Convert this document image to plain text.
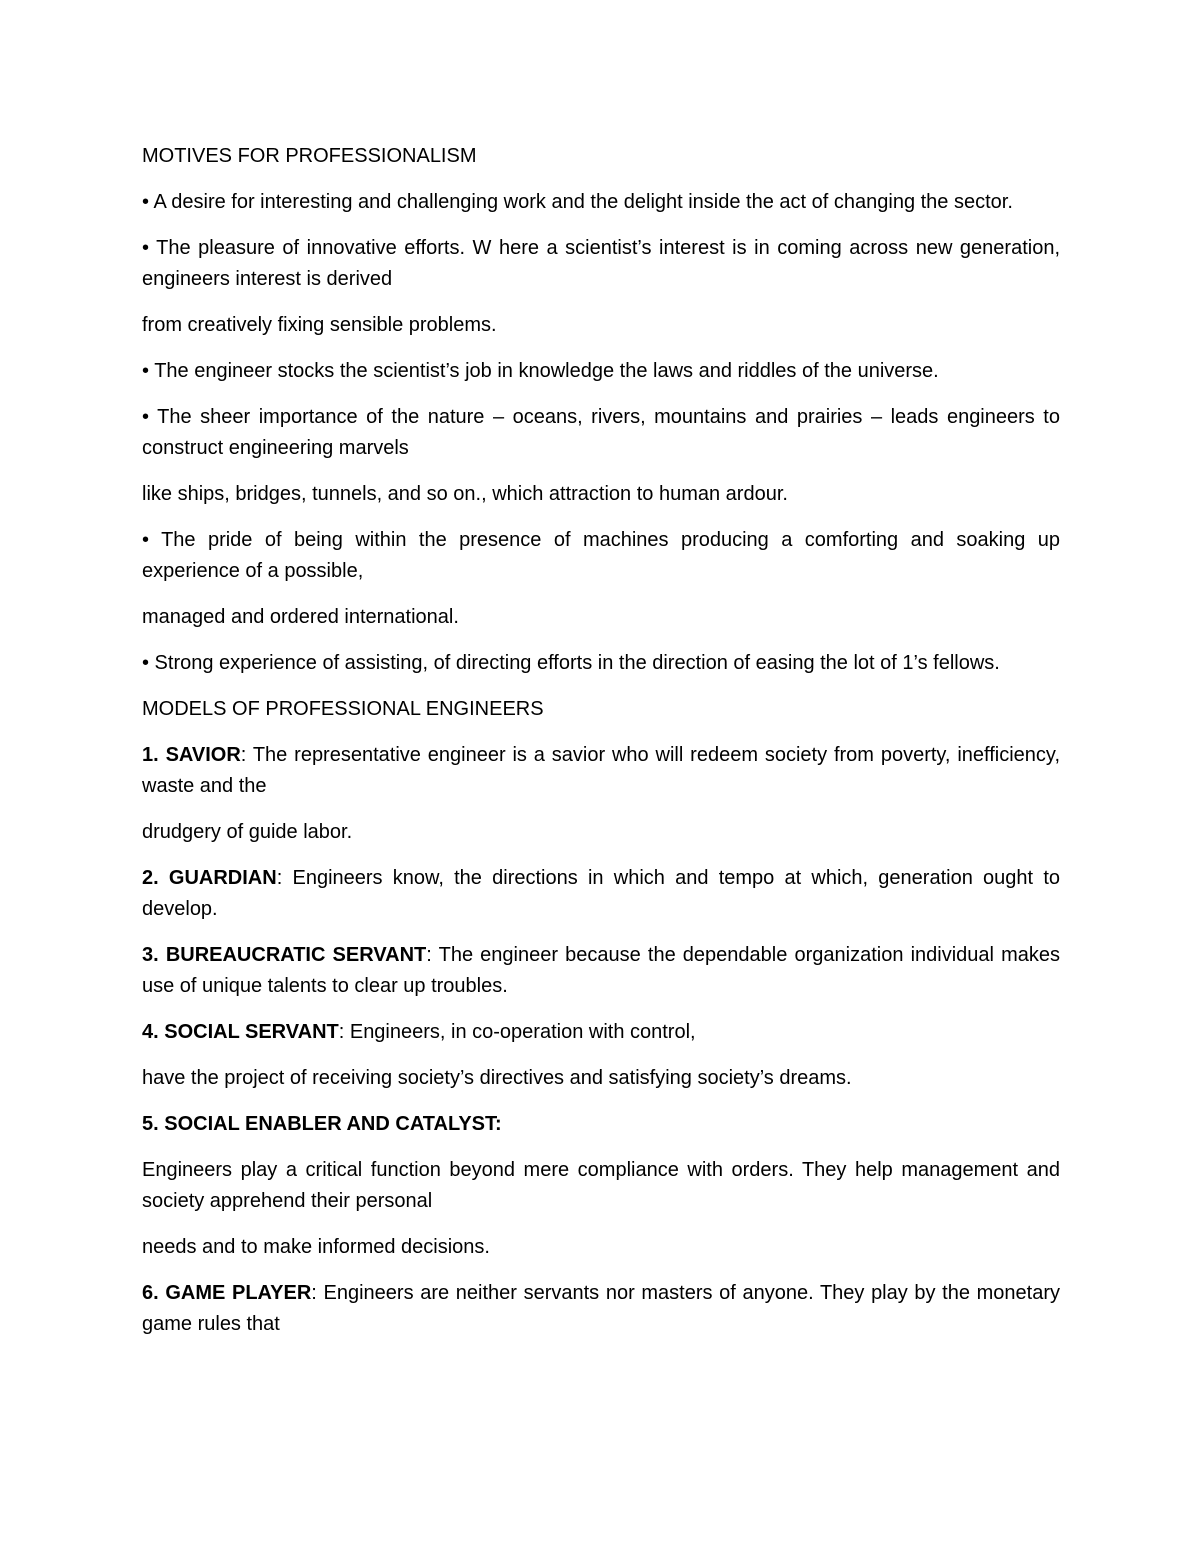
MOTIVES FOR PROFESSIONALISM

• A desire for interesting and challenging work and the delight inside the act of changing the sector.

• The pleasure of innovative efforts. W here a scientist’s interest is in coming across new generation, engineers interest is derived

from creatively fixing sensible problems.

• The engineer stocks the scientist’s job in knowledge the laws and riddles of the universe.

• The sheer importance of the nature – oceans, rivers, mountains and prairies – leads engineers to construct engineering marvels

like ships, bridges, tunnels, and so on., which attraction to human ardour.

• The pride of being within the presence of machines producing a comforting and soaking up experience of a possible,

managed and ordered international.

• Strong experience of assisting, of directing efforts in the direction of easing the lot of 1’s fellows.

MODELS OF PROFESSIONAL ENGINEERS

1. SAVIOR: The representative engineer is a savior who will redeem society from poverty, inefficiency, waste and the

drudgery of guide labor.

2. GUARDIAN: Engineers know, the directions in which and tempo at which, generation ought to develop.

3. BUREAUCRATIC SERVANT: The engineer because the dependable organization individual makes use of unique talents to clear up troubles.

4. SOCIAL SERVANT: Engineers, in co-operation with control,

have the project of receiving society’s directives and satisfying society’s dreams.

5. SOCIAL ENABLER AND CATALYST:

Engineers play a critical function beyond mere compliance with orders. They help management and society apprehend their personal

needs and to make informed decisions.

6. GAME PLAYER: Engineers are neither servants nor masters of anyone. They play by the monetary game rules that
